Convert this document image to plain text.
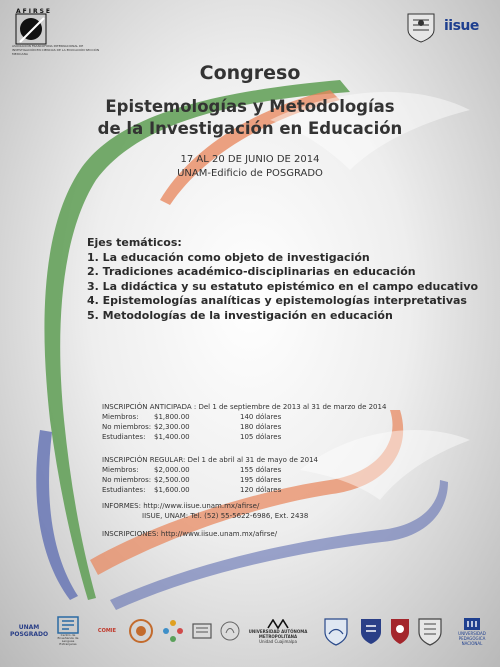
AFIRSE
ASOCIACIÓN FRANCOFONA INTERNACIONAL DE INVESTIGACIÓN EN CIENCIAS DE LA EDUCACIÓN SECCIÓN MEXICANA
iisue
Congreso
Epistemologías y Metodologías
de la Investigación en Educación
17 AL 20 DE JUNIO DE 2014
UNAM-Edificio de POSGRADO
Ejes temáticos:
1. La educación como objeto de investigación
2. Tradiciones académico-disciplinarias en educación
3. La didáctica y su estatuto epistémico en el campo educativo
4. Epistemologías analíticas y epistemologías interpretativas
5. Metodologías de la investigación en educación
INSCRIPCIÓN ANTICIPADA : Del 1 de septiembre de 2013 al 31 de marzo de 2014
Miembros:	$1,800.00	140 dólares
No miembros: $2,300.00	180 dólares
Estudiantes:	$1,400.00	105 dólares
INSCRIPCIÓN REGULAR: Del 1 de abril al 31 de mayo de 2014
Miembros:	$2,000.00	155 dólares
No miembros: $2,500.00	195 dólares
Estudiantes:	$1,600.00	120 dólares
INFORMES: http://www.iisue.unam.mx/afirse/
IISUE, UNAM: Tel. (52) 55-5622-6986, Ext. 2438
INSCRIPCIONES: http://www.iisue.unam.mx/afirse/
UNAM POSGRADO	Centro de Enseñanza de Lenguas Extranjeras
COMIE	UNIVERSIDAD AUTÓNOMA METROPOLITANA
Unidad Cuajimalpa
UNIVERSIDAD
PEDAGÓGICA NACIONAL
